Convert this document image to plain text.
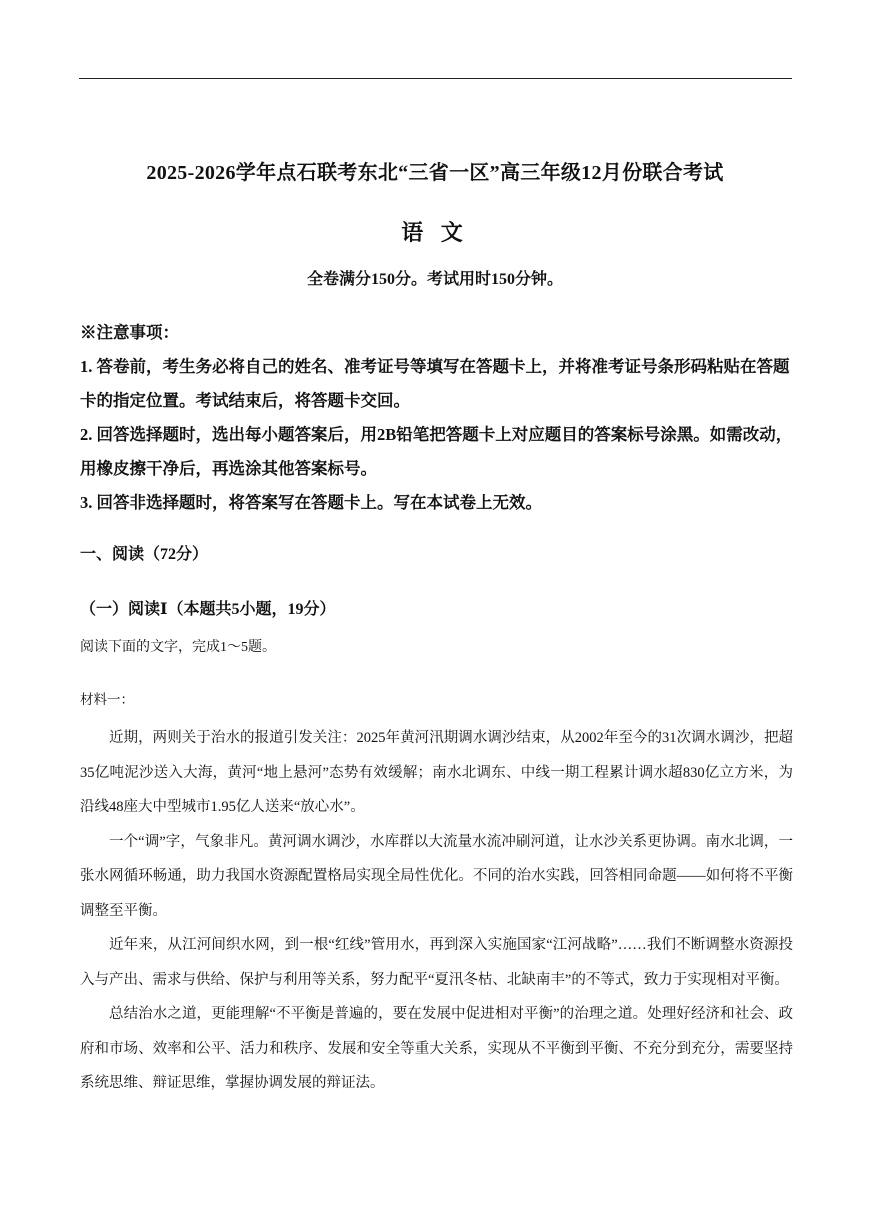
2025-2026学年点石联考东北“三省一区”高三年级12月份联合考试
语 文
全卷满分150分。考试用时150分钟。

※注意事项：

1. 答卷前，考生务必将自己的姓名、准考证号等填写在答题卡上，并将准考证号条形码粘贴在答题卡的指定位置。考试结束后，将答题卡交回。

2. 回答选择题时，选出每小题答案后，用2B铅笔把答题卡上对应题目的答案标号涂黑。如需改动，用橡皮擦干净后，再选涂其他答案标号。

3. 回答非选择题时，将答案写在答题卡上。写在本试卷上无效。

一、阅读（72分）
（一）阅读Ⅰ（本题共5小题，19分）
阅读下面的文字，完成1～5题。
材料一：

近期，两则关于治水的报道引发关注：2025年黄河汛期调水调沙结束，从2002年至今的31次调水调沙，把超35亿吨泥沙送入大海，黄河“地上悬河”态势有效缓解；南水北调东、中线一期工程累计调水超830亿立方米，为沿线48座大中型城市1.95亿人送来“放心水”。

一个“调”字，气象非凡。黄河调水调沙，水库群以大流量水流冲刷河道，让水沙关系更协调。南水北调，一张水网循环畅通，助力我国水资源配置格局实现全局性优化。不同的治水实践，回答相同命题——如何将不平衡调整至平衡。

近年来，从江河间织水网，到一根“红线”管用水，再到深入实施国家“江河战略”……我们不断调整水资源投入与产出、需求与供给、保护与利用等关系，努力配平“夏汛冬枯、北缺南丰”的不等式，致力于实现相对平衡。

总结治水之道，更能理解“不平衡是普遍的，要在发展中促进相对平衡”的治理之道。处理好经济和社会、政府和市场、效率和公平、活力和秩序、发展和安全等重大关系，实现从不平衡到平衡、不充分到充分，需要坚持系统思维、辩证思维，掌握协调发展的辩证法。
